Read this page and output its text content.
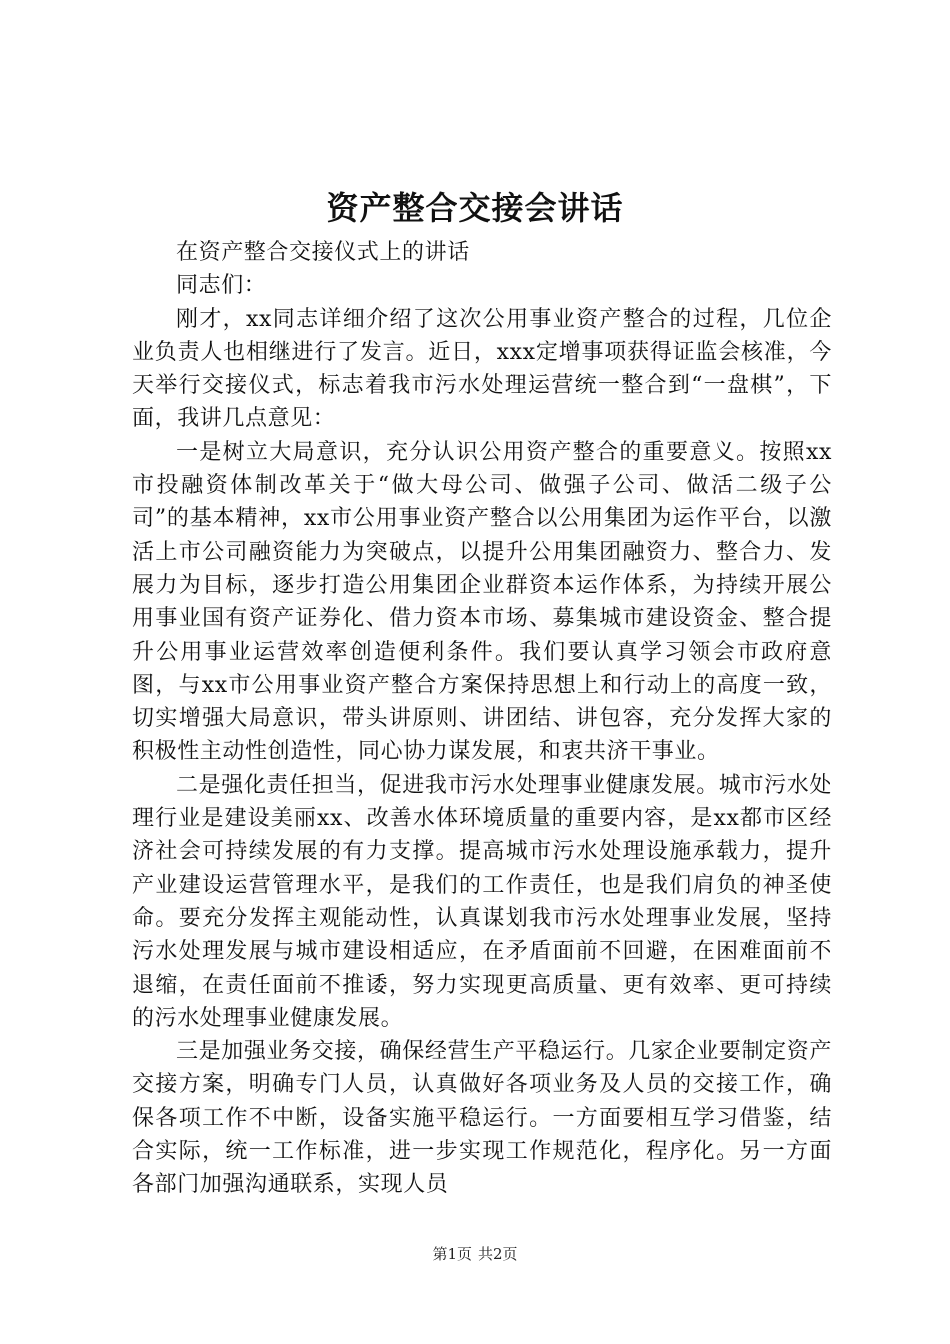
资产整合交接会讲话

在资产整合交接仪式上的讲话

同志们：

刚才，xx同志详细介绍了这次公用事业资产整合的过程，几位企业负责人也相继进行了发言。近日，xxx定增事项获得证监会核准，今天举行交接仪式，标志着我市污水处理运营统一整合到“一盘棋”，下面，我讲几点意见：

一是树立大局意识，充分认识公用资产整合的重要意义。按照xx市投融资体制改革关于“做大母公司、做强子公司、做活二级子公司”的基本精神，xx市公用事业资产整合以公用集团为运作平台，以激活上市公司融资能力为突破点，以提升公用集团融资力、整合力、发展力为目标，逐步打造公用集团企业群资本运作体系，为持续开展公用事业国有资产证券化、借力资本市场、募集城市建设资金、整合提升公用事业运营效率创造便利条件。我们要认真学习领会市政府意图，与xx市公用事业资产整合方案保持思想上和行动上的高度一致，切实增强大局意识，带头讲原则、讲团结、讲包容，充分发挥大家的积极性主动性创造性，同心协力谋发展，和衷共济干事业。

二是强化责任担当，促进我市污水处理事业健康发展。城市污水处理行业是建设美丽xx、改善水体环境质量的重要内容，是xx都市区经济社会可持续发展的有力支撑。提高城市污水处理设施承载力，提升产业建设运营管理水平，是我们的工作责任，也是我们肩负的神圣使命。要充分发挥主观能动性，认真谋划我市污水处理事业发展，坚持污水处理发展与城市建设相适应，在矛盾面前不回避，在困难面前不退缩，在责任面前不推诿，努力实现更高质量、更有效率、更可持续的污水处理事业健康发展。

三是加强业务交接，确保经营生产平稳运行。几家企业要制定资产交接方案，明确专门人员，认真做好各项业务及人员的交接工作，确保各项工作不中断，设备实施平稳运行。一方面要相互学习借鉴，结合实际，统一工作标准，进一步实现工作规范化，程序化。另一方面各部门加强沟通联系，实现人员

第1页 共2页
